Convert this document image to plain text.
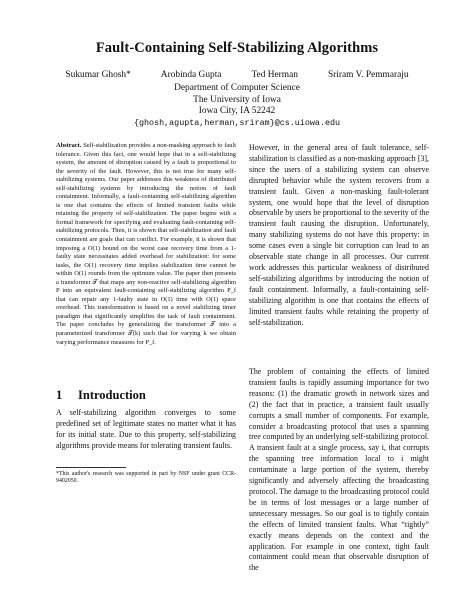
Fault-Containing Self-Stabilizing Algorithms
Sukumar Ghosh*	Arobinda Gupta	Ted Herman	Sriram V. Pemmaraju
Department of Computer Science
The University of Iowa
Iowa City, IA 52242
{ghosh,agupta,herman,sriram}@cs.uiowa.edu
Abstract. Self-stabilization provides a non-masking approach to fault tolerance. Given this fact, one would hope that in a self-stabilizing system, the amount of disruption caused by a fault is proportional to the severity of the fault. However, this is not true for many self-stabilizing systems. Our paper addresses this weakness of distributed self-stabilizing systems by introducing the notion of fault containment. Informally, a fault-containing self-stabilizing algorithm is one that contains the effects of limited transient faults while retaining the property of self-stabilization. The paper begins with a formal framework for specifying and evaluating fault-containing self-stabilizing protocols. Then, it is shown that self-stabilization and fault containment are goals that can conflict. For example, it is shown that imposing a O(1) bound on the worst case recovery time from a 1-faulty state necessitates added overhead for stabilization: for some tasks, the O(1) recovery time implies stabilization time cannot be within O(1) rounds from the optimum value. The paper then presents a transformer 𝒯 that maps any non-reactive self-stabilizing algorithm P into an equivalent fault-containing self-stabilizing algorithm P_f that can repair any 1-faulty state in O(1) time with O(1) space overhead. This transformation is based on a novel stabilizing timer paradigm that significantly simplifies the task of fault containment. The paper concludes by generalizing the transformer 𝒯 into a parameterized transformer 𝒯(k) such that for varying k we obtain varying performance measures for P_f.
1 Introduction
A self-stabilizing algorithm converges to some predefined set of legitimate states no matter what it has for its initial state. Due to this property, self-stabilizing algorithms provide means for tolerating transient faults.
*This author's research was supported in part by NSF under grant CCR-9402050.
However, in the general area of fault tolerance, self-stabilization is classified as a non-masking approach [3], since the users of a stabilizing system can observe disrupted behavior while the system recovers from a transient fault. Given a non-masking fault-tolerant system, one would hope that the level of disruption observable by users be proportional to the severity of the transient fault causing the disruption. Unfortunately, many stabilizing systems do not have this property: in some cases even a single bit corruption can lead to an observable state change in all processes. Our current work addresses this particular weakness of distributed self-stabilizing algorithms by introducing the notion of fault containment. Informally, a fault-containing self-stabilizing algorithm is one that contains the effects of limited transient faults while retaining the property of self-stabilization.
The problem of containing the effects of limited transient faults is rapidly assuming importance for two reasons: (1) the dramatic growth in network sizes and (2) the fact that in practice, a transient fault usually corrupts a small number of components. For example, consider a broadcasting protocol that uses a spanning tree computed by an underlying self-stabilizing protocol. A transient fault at a single process, say i, that corrupts the spanning tree information local to i might contaminate a large portion of the system, thereby significantly and adversely affecting the broadcasting protocol. The damage to the broadcasting protocol could be in terms of lost messages or a large number of unnecessary messages. So our goal is to tightly contain the effects of limited transient faults. What “tightly” exactly means depends on the context and the application. For example in one context, tight fault containment could mean that observable disruption of the
